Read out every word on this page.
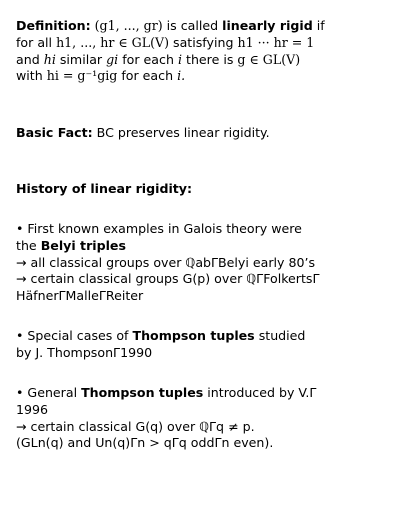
Definition: (g1, ..., gr) is called linearly rigid if
for all h1, ..., hr ∈ GL(V) satisfying h1 ··· hr = 1
and hi similar gi for each i there is g ∈ GL(V)
with hi = g⁻¹gig for each i.
Basic Fact: BC preserves linear rigidity.
History of linear rigidity:
• First known examples in Galois theory were
the Belyi triples
→ all classical groups over ℚabΓBelyi early 80’s
→ certain classical groups G(p) over ℚΓFolkertsΓ
HäfnerΓMalleΓReiter
• Special cases of Thompson tuples studied
by J. ThompsonΓ1990
• General Thompson tuples introduced by V.Γ
1996
→ certain classical G(q) over ℚΓq ≠ p.
(GLn(q) and Un(q)Γn > qΓq oddΓn even).
